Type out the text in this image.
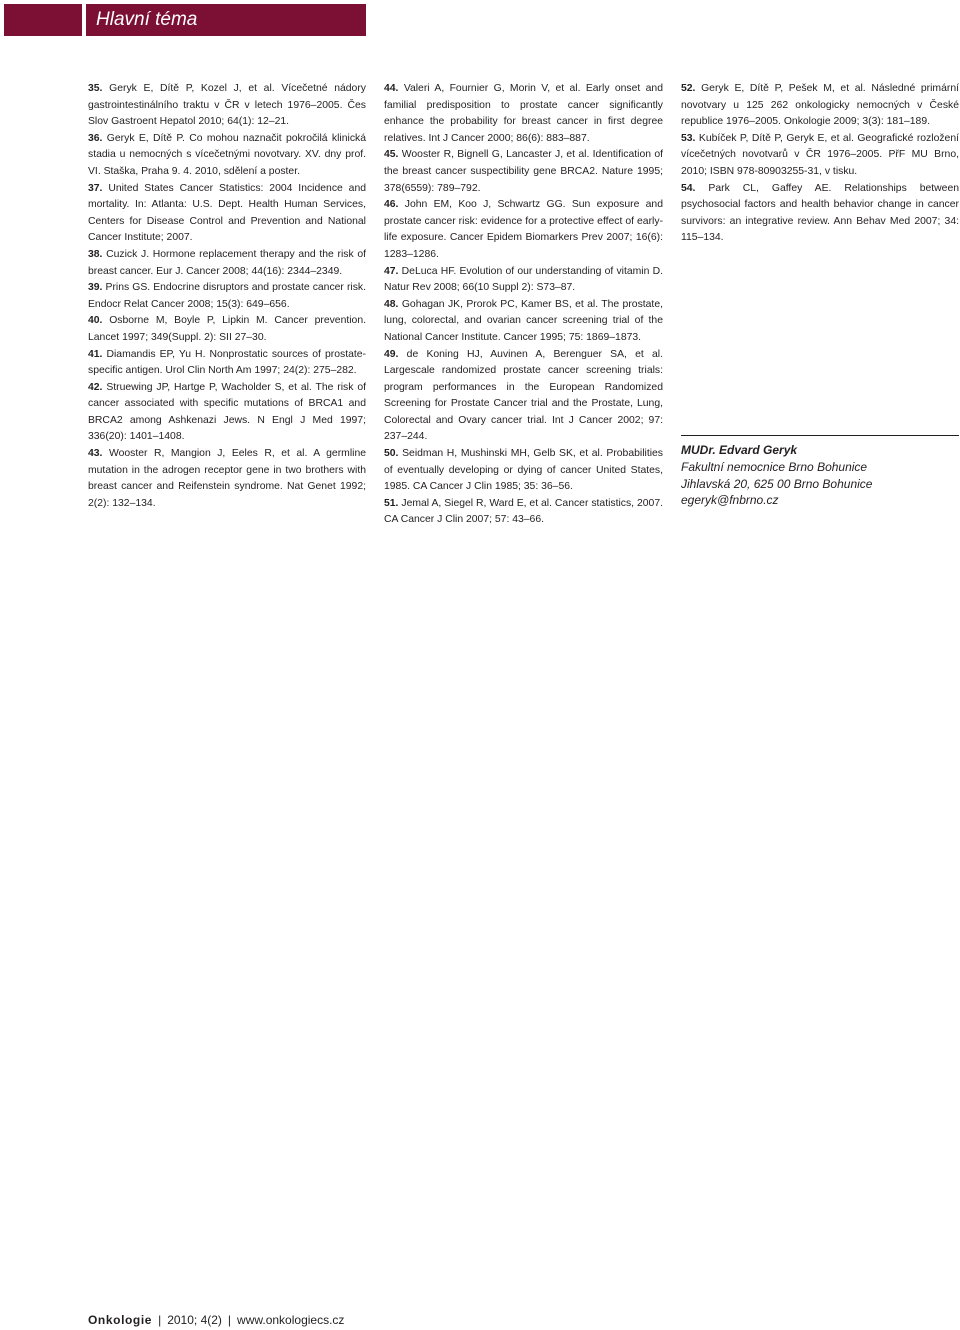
Hlavní téma

35. Geryk E, Dítě P, Kozel J, et al. Vícečetné nádory gastrointestinálního traktu v ČR v letech 1976–2005. Čes Slov Gastroent Hepatol 2010; 64(1): 12–21.

36. Geryk E, Dítě P. Co mohou naznačit pokročilá klinická stadia u nemocných s vícečetnými novotvary. XV. dny prof. VI. Staška, Praha 9. 4. 2010, sdělení a poster.

37. United States Cancer Statistics: 2004 Incidence and mortality. In: Atlanta: U.S. Dept. Health Human Services, Centers for Disease Control and Prevention and National Cancer Institute; 2007.

38. Cuzick J. Hormone replacement therapy and the risk of breast cancer. Eur J. Cancer 2008; 44(16): 2344–2349.

39. Prins GS. Endocrine disruptors and prostate cancer risk. Endocr Relat Cancer 2008; 15(3): 649–656.

40. Osborne M, Boyle P, Lipkin M. Cancer prevention. Lancet 1997; 349(Suppl. 2): SII 27–30.

41. Diamandis EP, Yu H. Nonprostatic sources of prostate-specific antigen. Urol Clin North Am 1997; 24(2): 275–282.

42. Struewing JP, Hartge P, Wacholder S, et al. The risk of cancer associated with specific mutations of BRCA1 and BRCA2 among Ashkenazi Jews. N Engl J Med 1997; 336(20): 1401–1408.

43. Wooster R, Mangion J, Eeles R, et al. A germline mutation in the adrogen receptor gene in two brothers with breast cancer and Reifenstein syndrome. Nat Genet 1992; 2(2): 132–134.

44. Valeri A, Fournier G, Morin V, et al. Early onset and familial predisposition to prostate cancer significantly enhance the probability for breast cancer in first degree relatives. Int J Cancer 2000; 86(6): 883–887.

45. Wooster R, Bignell G, Lancaster J, et al. Identification of the breast cancer suspectibility gene BRCA2. Nature 1995; 378(6559): 789–792.

46. John EM, Koo J, Schwartz GG. Sun exposure and prostate cancer risk: evidence for a protective effect of early-life exposure. Cancer Epidem Biomarkers Prev 2007; 16(6): 1283–1286.

47. DeLuca HF. Evolution of our understanding of vitamin D. Natur Rev 2008; 66(10 Suppl 2): S73–87.

48. Gohagan JK, Prorok PC, Kamer BS, et al. The prostate, lung, colorectal, and ovarian cancer screening trial of the National Cancer Institute. Cancer 1995; 75: 1869–1873.

49. de Koning HJ, Auvinen A, Berenguer SA, et al. Largescale randomized prostate cancer screening trials: program performances in the European Randomized Screening for Prostate Cancer trial and the Prostate, Lung, Colorectal and Ovary cancer trial. Int J Cancer 2002; 97: 237–244.

50. Seidman H, Mushinski MH, Gelb SK, et al. Probabilities of eventually developing or dying of cancer United States, 1985. CA Cancer J Clin 1985; 35: 36–56.

51. Jemal A, Siegel R, Ward E, et al. Cancer statistics, 2007. CA Cancer J Clin 2007; 57: 43–66.

52. Geryk E, Dítě P, Pešek M, et al. Následné primární novotvary u 125 262 onkologicky nemocných v České republice 1976–2005. Onkologie 2009; 3(3): 181–189.

53. Kubíček P, Dítě P, Geryk E, et al. Geografické rozložení vícečetných novotvarů v ČR 1976–2005. PřF MU Brno, 2010; ISBN 978-80903255-31, v tisku.

54. Park CL, Gaffey AE. Relationships between psychosocial factors and health behavior change in cancer survivors: an integrative review. Ann Behav Med 2007; 34: 115–134.

MUDr. Edvard Geryk
Fakultní nemocnice Brno Bohunice
Jihlavská 20, 625 00 Brno Bohunice
egeryk@fnbrno.cz
Onkologie | 2010; 4(2) | www.onkologiecs.cz
